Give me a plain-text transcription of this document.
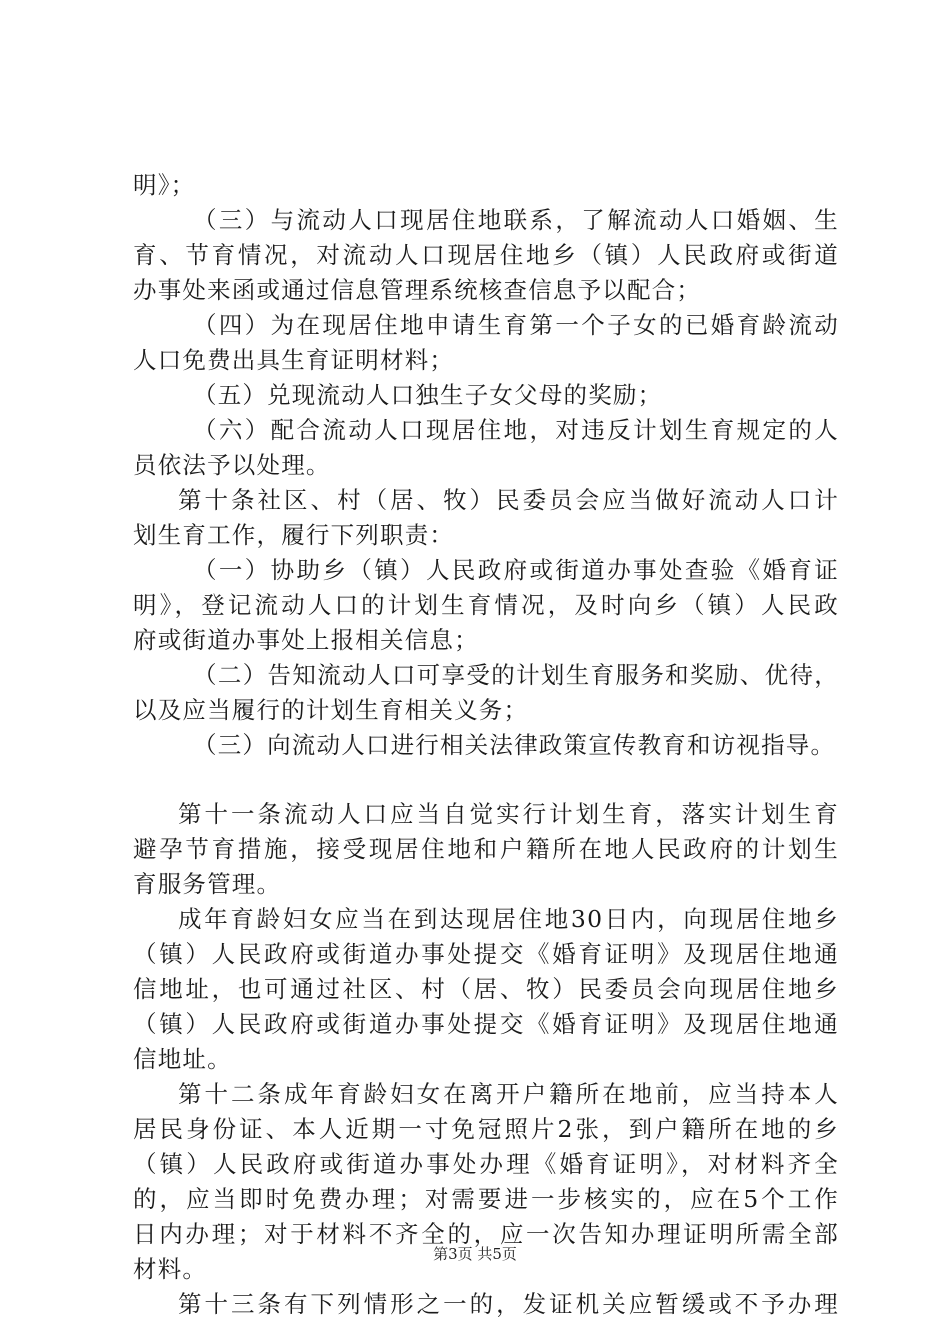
明》；
（三）与流动人口现居住地联系，了解流动人口婚姻、生
育、节育情况，对流动人口现居住地乡（镇）人民政府或街道
办事处来函或通过信息管理系统核查信息予以配合；
（四）为在现居住地申请生育第一个子女的已婚育龄流动
人口免费出具生育证明材料；
（五）兑现流动人口独生子女父母的奖励；
（六）配合流动人口现居住地，对违反计划生育规定的人
员依法予以处理。
第十条社区、村（居、牧）民委员会应当做好流动人口计
划生育工作，履行下列职责：
（一）协助乡（镇）人民政府或街道办事处查验《婚育证
明》，登记流动人口的计划生育情况，及时向乡（镇）人民政
府或街道办事处上报相关信息；
（二）告知流动人口可享受的计划生育服务和奖励、优待，
以及应当履行的计划生育相关义务；
（三）向流动人口进行相关法律政策宣传教育和访视指导。
第十一条流动人口应当自觉实行计划生育，落实计划生育
避孕节育措施，接受现居住地和户籍所在地人民政府的计划生
育服务管理。
成年育龄妇女应当在到达现居住地30日内，向现居住地乡
（镇）人民政府或街道办事处提交《婚育证明》及现居住地通
信地址，也可通过社区、村（居、牧）民委员会向现居住地乡
（镇）人民政府或街道办事处提交《婚育证明》及现居住地通
信地址。
第十二条成年育龄妇女在离开户籍所在地前，应当持本人
居民身份证、本人近期一寸免冠照片2张，到户籍所在地的乡
（镇）人民政府或街道办事处办理《婚育证明》，对材料齐全
的，应当即时免费办理；对需要进一步核实的，应在5个工作
日内办理；对于材料不齐全的，应一次告知办理证明所需全部
材料。
第十三条有下列情形之一的，发证机关应暂缓或不予办理
第3页 共5页
